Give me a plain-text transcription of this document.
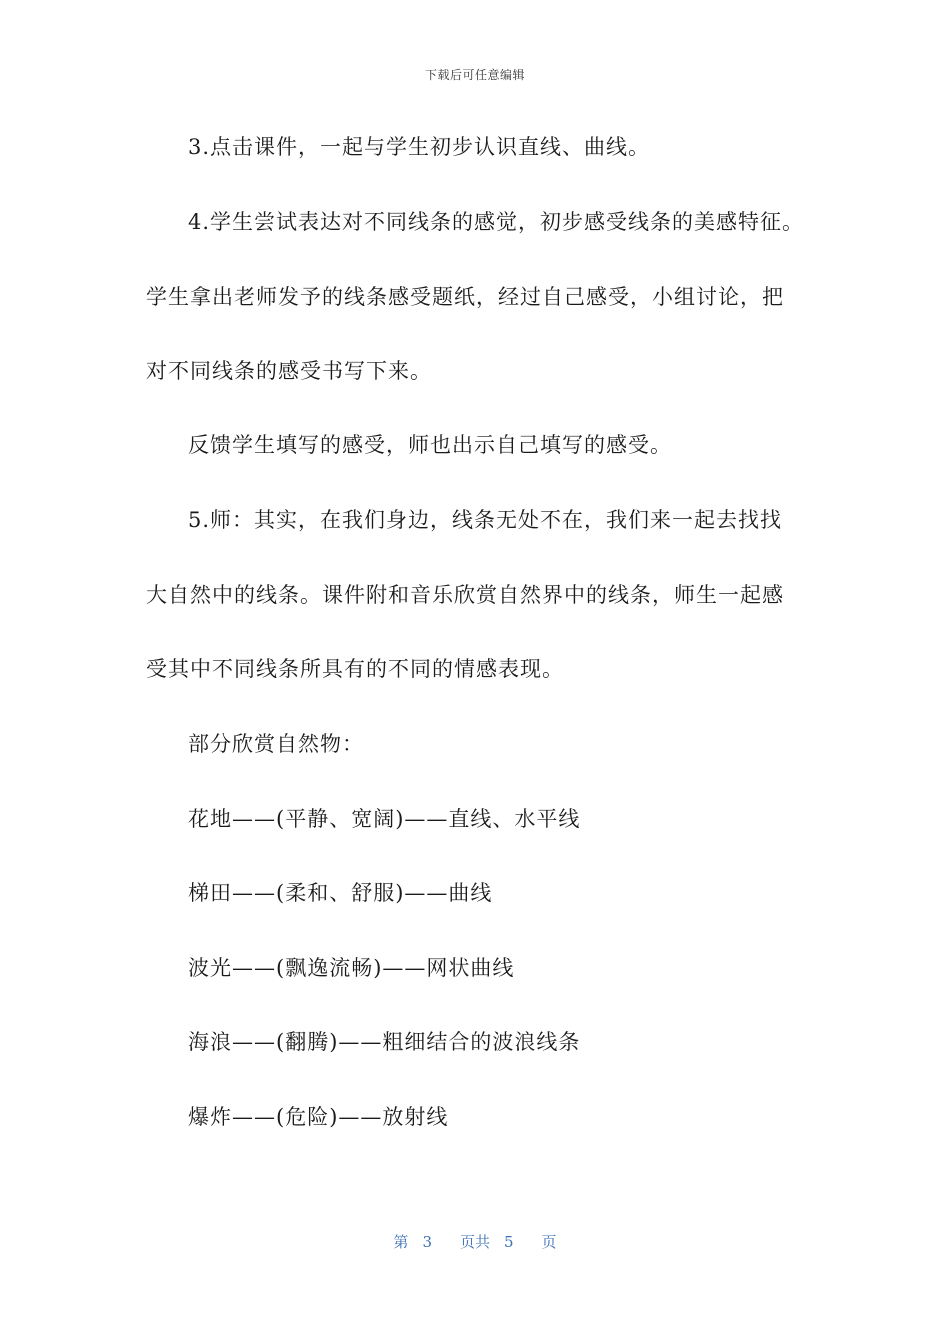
下载后可任意编辑
3.点击课件，一起与学生初步认识直线、曲线。
4.学生尝试表达对不同线条的感觉，初步感受线条的美感特征。
学生拿出老师发予的线条感受题纸，经过自己感受，小组讨论，把
对不同线条的感受书写下来。
反馈学生填写的感受，师也出示自己填写的感受。
5.师：其实，在我们身边，线条无处不在，我们来一起去找找
大自然中的线条。课件附和音乐欣赏自然界中的线条，师生一起感
受其中不同线条所具有的不同的情感表现。
部分欣赏自然物：
花地——(平静、宽阔)——直线、水平线
梯田——(柔和、舒服)——曲线
波光——(飘逸流畅)——网状曲线
海浪——(翻腾)——粗细结合的波浪线条
爆炸——(危险)——放射线
第 3 页共 5 页
